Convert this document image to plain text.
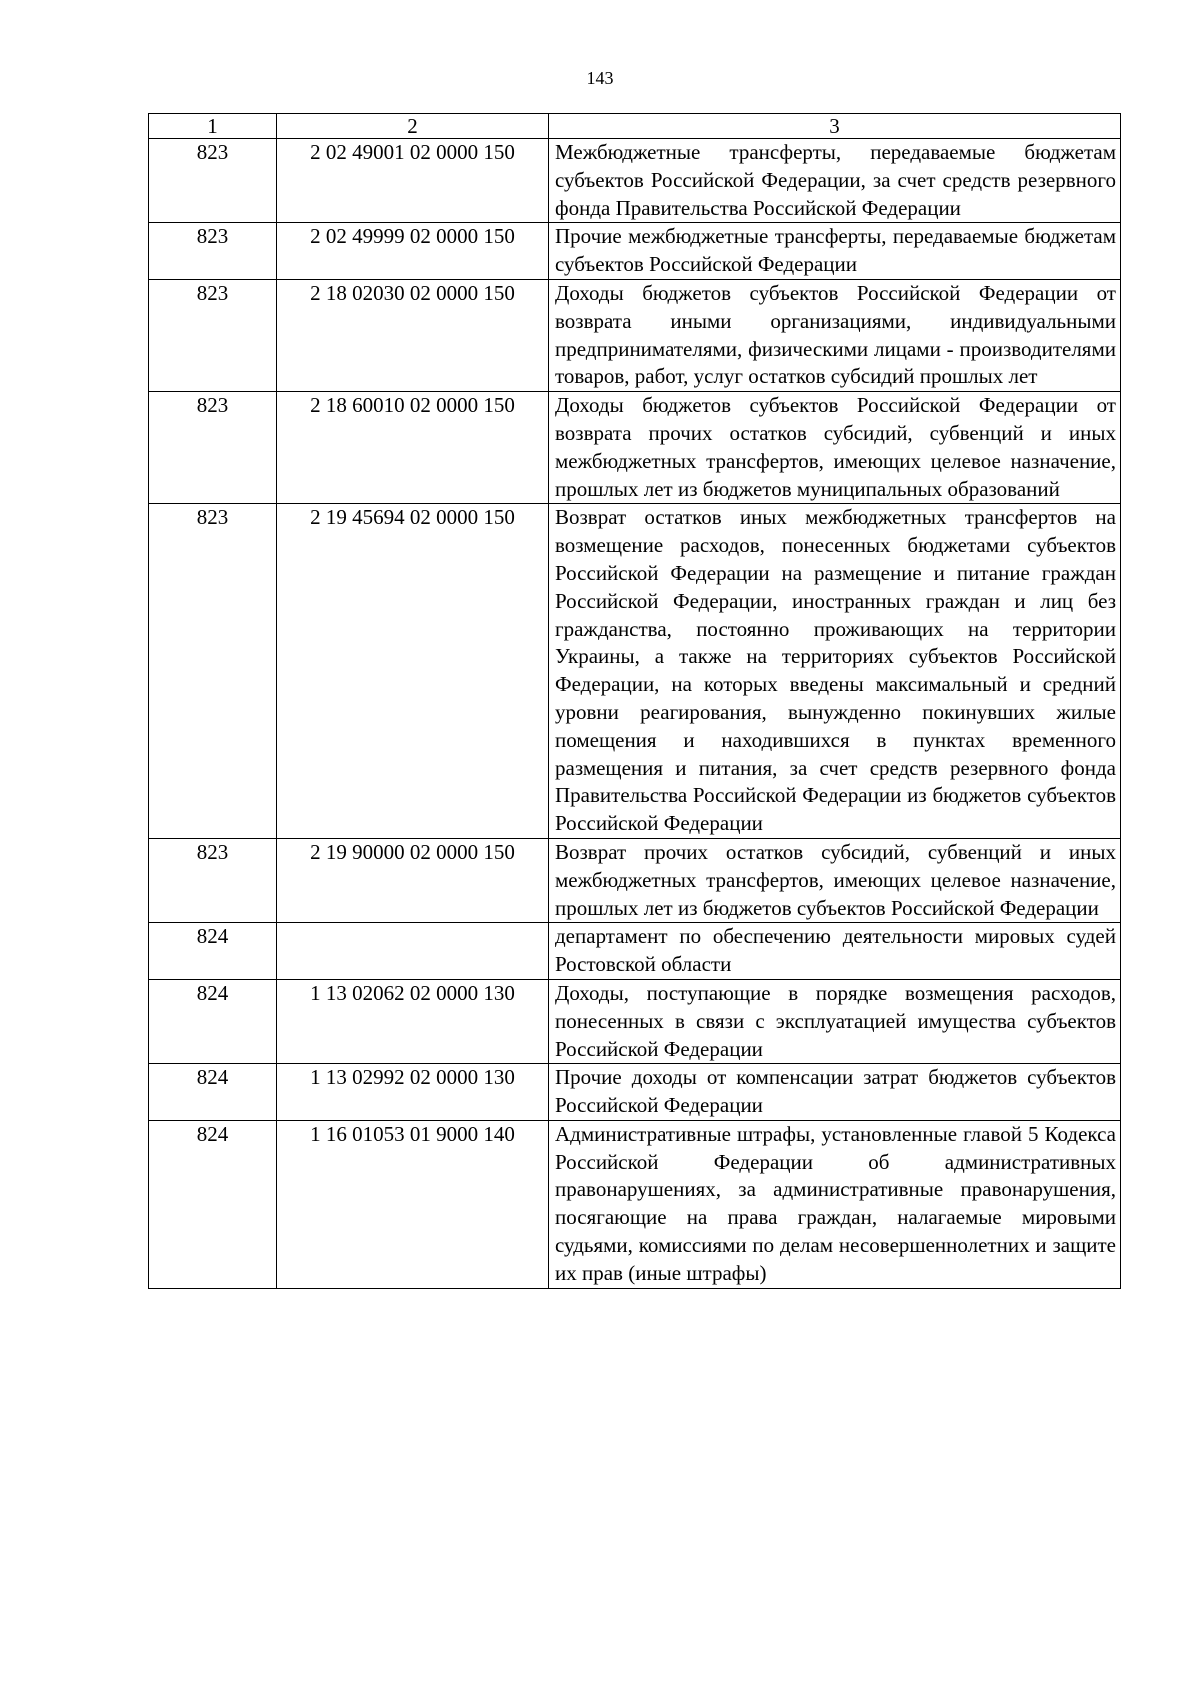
143
1	2	3

823	2 02 49001 02 0000 150	Межбюджетные трансферты, передаваемые бюджетам субъектов Российской Федерации, за счет средств резервного фонда Правительства Российской Федерации
823	2 02 49999 02 0000 150	Прочие межбюджетные трансферты, передаваемые бюджетам субъектов Российской Федерации
823	2 18 02030 02 0000 150	Доходы бюджетов субъектов Российской Федерации от возврата иными организациями, индивидуальными предпринимателями, физическими лицами - производителями товаров, работ, услуг остатков субсидий прошлых лет
823	2 18 60010 02 0000 150	Доходы бюджетов субъектов Российской Федерации от возврата прочих остатков субсидий, субвенций и иных межбюджетных трансфертов, имеющих целевое назначение, прошлых лет из бюджетов муниципальных образований
823	2 19 45694 02 0000 150	Возврат остатков иных межбюджетных трансфертов на возмещение расходов, понесенных бюджетами субъектов Российской Федерации на размещение и питание граждан Российской Федерации, иностранных граждан и лиц без гражданства, постоянно проживающих на территории Украины, а также на территориях субъектов Российской Федерации, на которых введены максимальный и средний уровни реагирования, вынужденно покинувших жилые помещения и находившихся в пунктах временного размещения и питания, за счет средств резервного фонда Правительства Российской Федерации из бюджетов субъектов Российской Федерации
823	2 19 90000 02 0000 150	Возврат прочих остатков субсидий, субвенций и иных межбюджетных трансфертов, имеющих целевое назначение, прошлых лет из бюджетов субъектов Российской Федерации
824		департамент по обеспечению деятельности мировых судей Ростовской области
824	1 13 02062 02 0000 130	Доходы, поступающие в порядке возмещения расходов, понесенных в связи с эксплуатацией имущества субъектов Российской Федерации
824	1 13 02992 02 0000 130	Прочие доходы от компенсации затрат бюджетов субъектов Российской Федерации
824	1 16 01053 01 9000 140	Административные штрафы, установленные главой 5 Кодекса Российской Федерации об административных правонарушениях, за административные правонарушения, посягающие на права граждан, налагаемые мировыми судьями, комиссиями по делам несовершеннолетних и защите их прав (иные штрафы)
